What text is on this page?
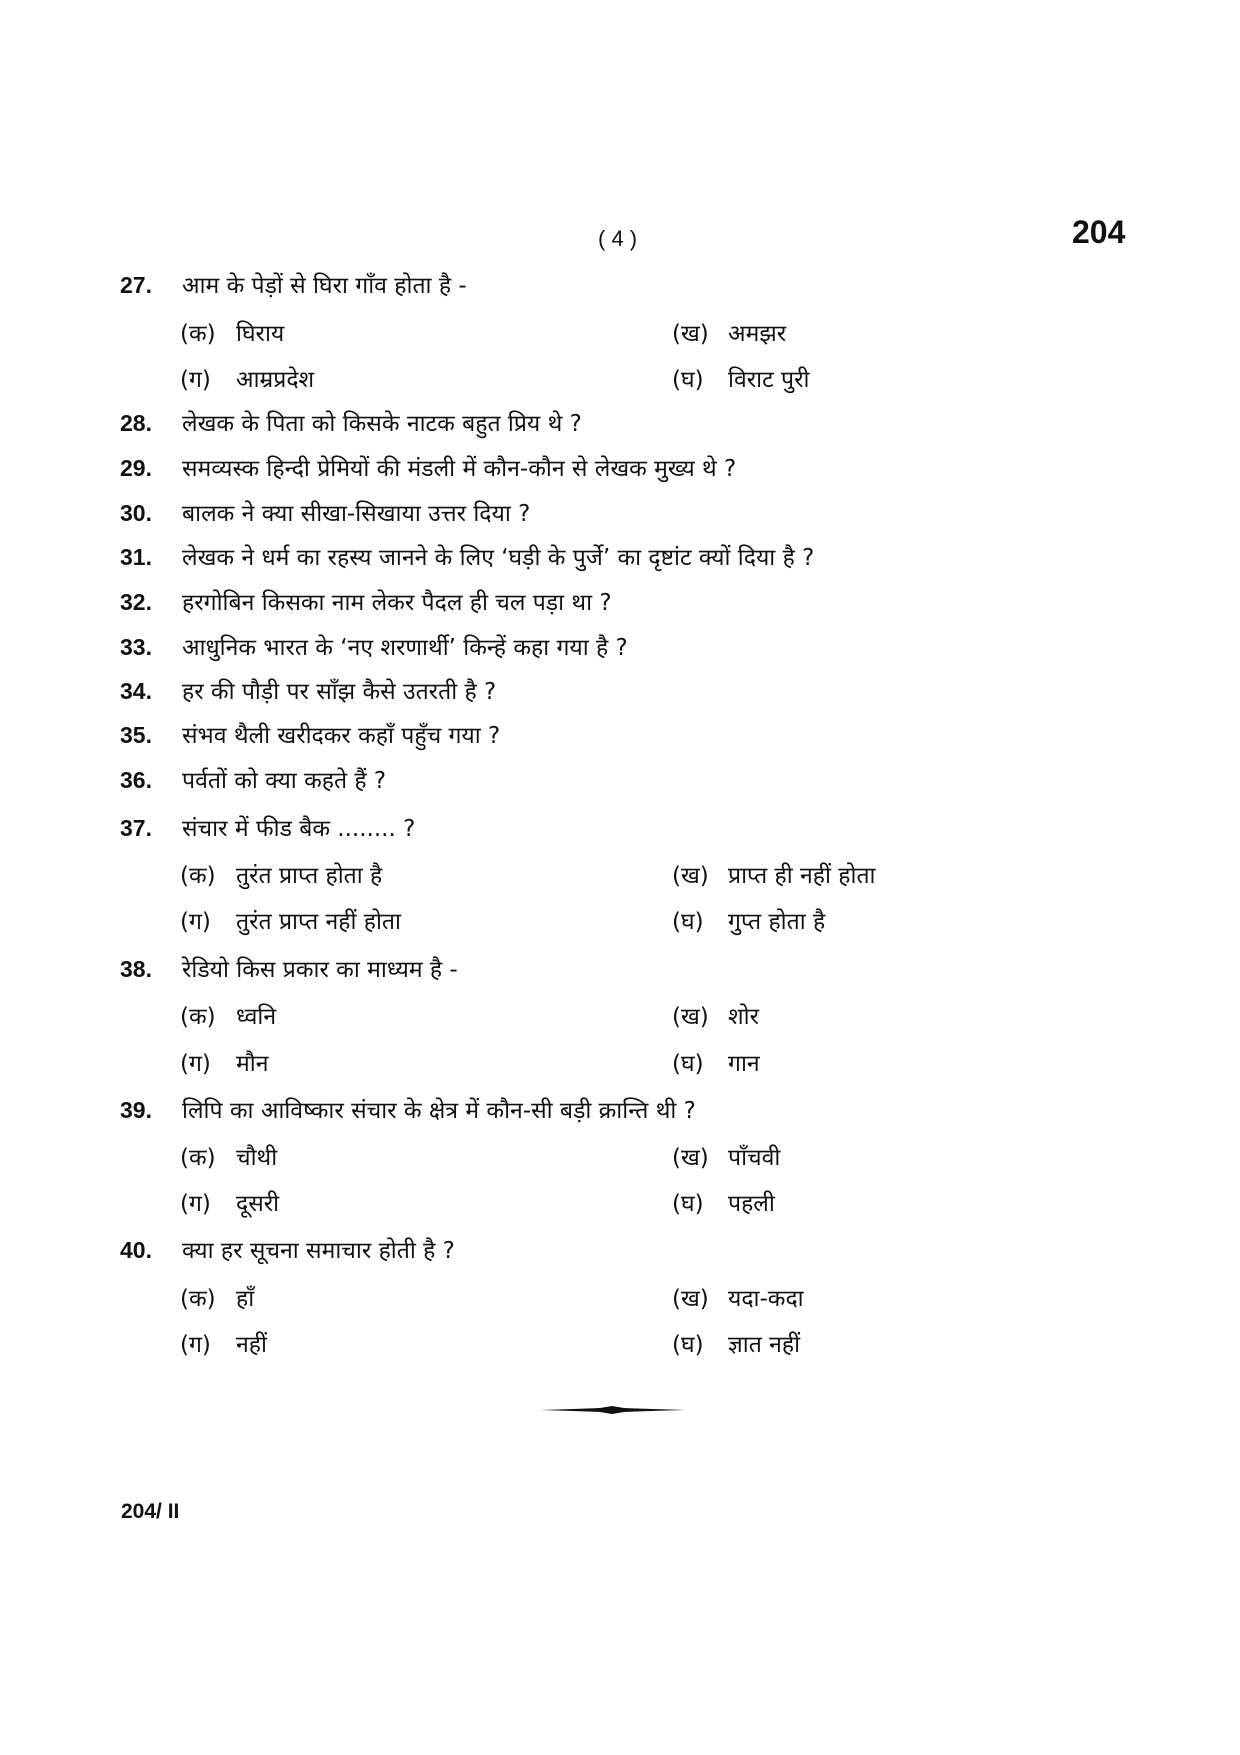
( 4 )	204
27. आम के पेड़ों से घिरा गाँव होता है -
(क) घिराय	(ख) अमझर
(ग) आम्रप्रदेश	(घ) विराट पुरी
28. लेखक के पिता को किसके नाटक बहुत प्रिय थे ?
29. समव्यस्क हिन्दी प्रेमियों की मंडली में कौन-कौन से लेखक मुख्य थे ?
30. बालक ने क्या सीखा-सिखाया उत्तर दिया ?
31. लेखक ने धर्म का रहस्य जानने के लिए ‘घड़ी के पुर्जे’ का दृष्टांट क्यों दिया है ?
32. हरगोबिन किसका नाम लेकर पैदल ही चल पड़ा था ?
33. आधुनिक भारत के ‘नए शरणार्थी’ किन्हें कहा गया है ?
34. हर की पौड़ी पर साँझ कैसे उतरती है ?
35. संभव थैली खरीदकर कहाँ पहुँच गया ?
36. पर्वतों को क्या कहते हैं ?
37. संचार में फीड बैक ........ ?
(क) तुरंत प्राप्त होता है	(ख) प्राप्त ही नहीं होता
(ग) तुरंत प्राप्त नहीं होता	(घ) गुप्त होता है
38. रेडियो किस प्रकार का माध्यम है -
(क) ध्वनि	(ख) शोर
(ग) मौन	(घ) गान
39. लिपि का आविष्कार संचार के क्षेत्र में कौन-सी बड़ी क्रान्ति थी ?
(क) चौथी	(ख) पाँचवी
(ग) दूसरी	(घ) पहली
40. क्या हर सूचना समाचार होती है ?
(क) हाँ	(ख) यदा-कदा
(ग) नहीं	(घ) ज्ञात नहीं
204/ II
